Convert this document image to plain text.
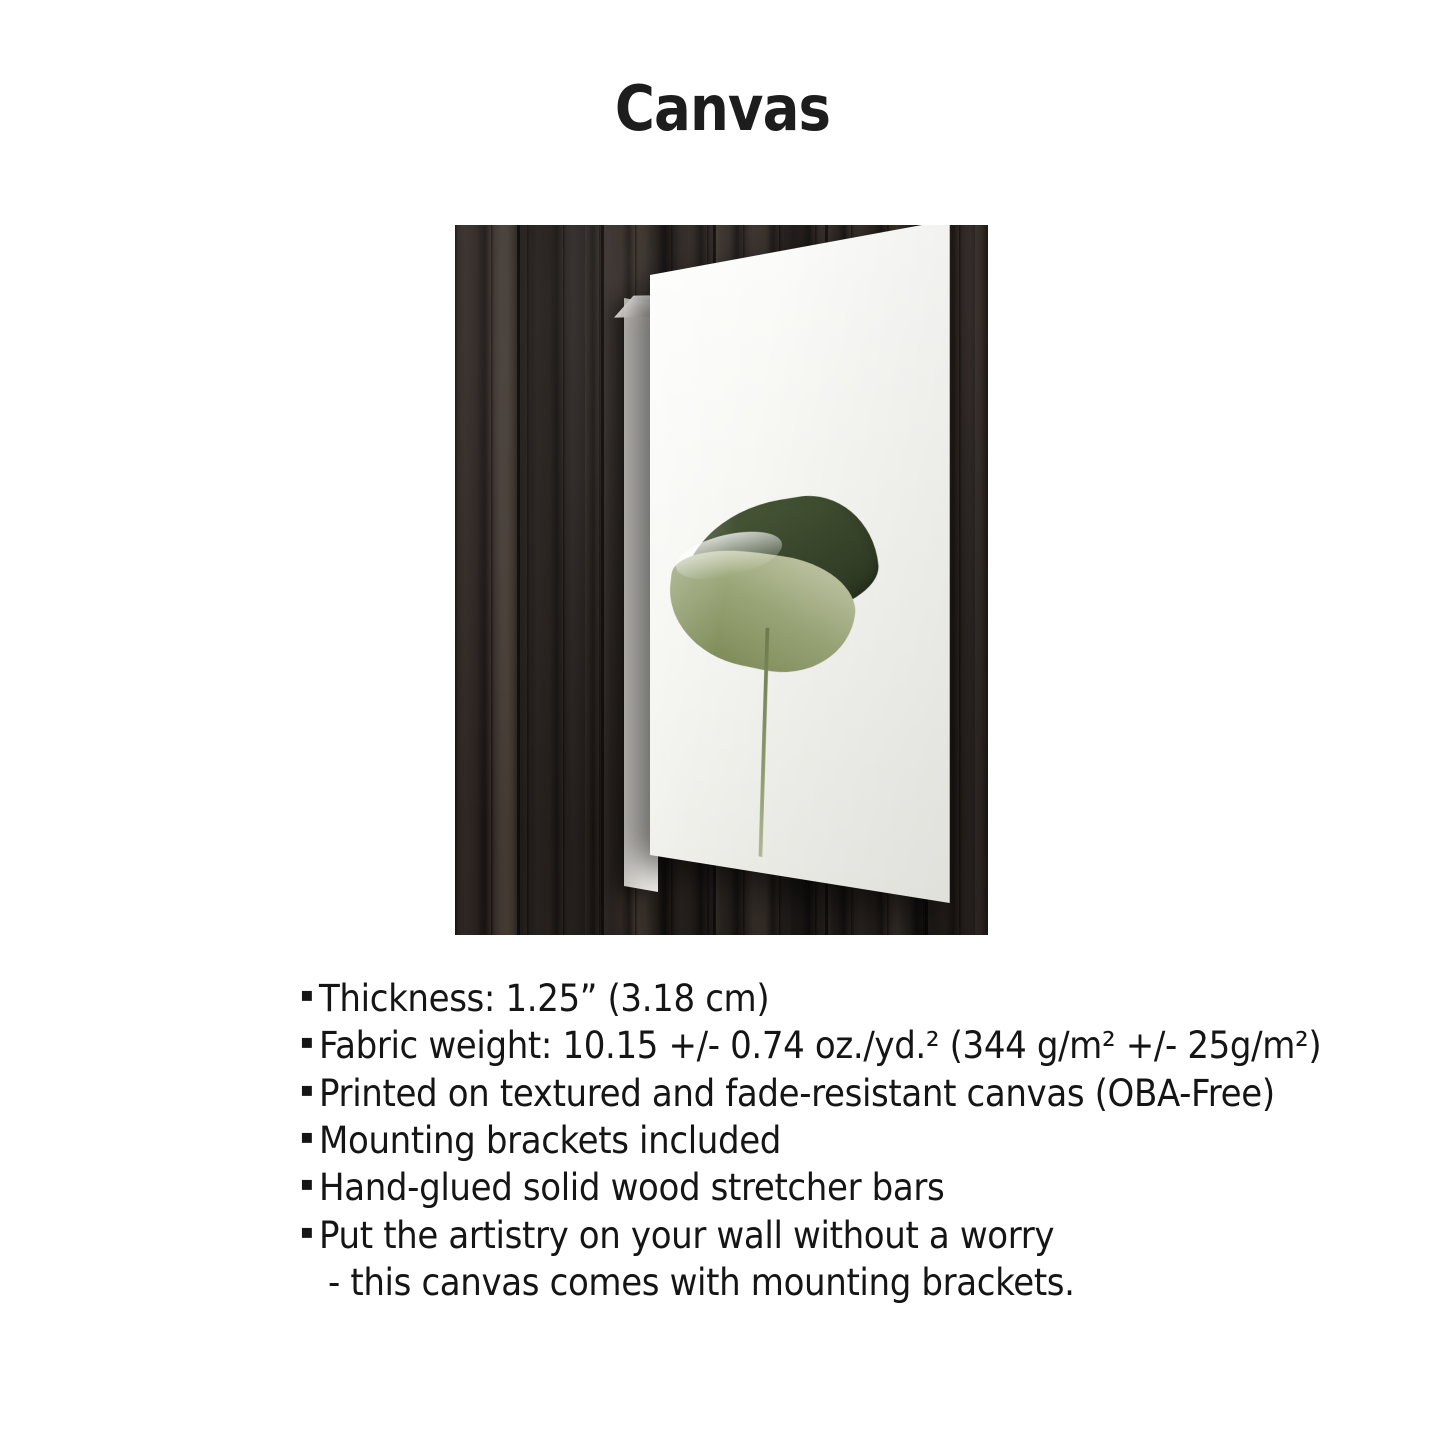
Canvas
▪ Thickness: 1.25” (3.18 cm)
▪ Fabric weight: 10.15 +/- 0.74 oz./yd.² (344 g/m² +/- 25g/m²)
▪ Printed on textured and fade-resistant canvas (OBA-Free)
▪ Mounting brackets included
▪ Hand-glued solid wood stretcher bars
▪ Put the artistry on your wall without a worry
- this canvas comes with mounting brackets.
